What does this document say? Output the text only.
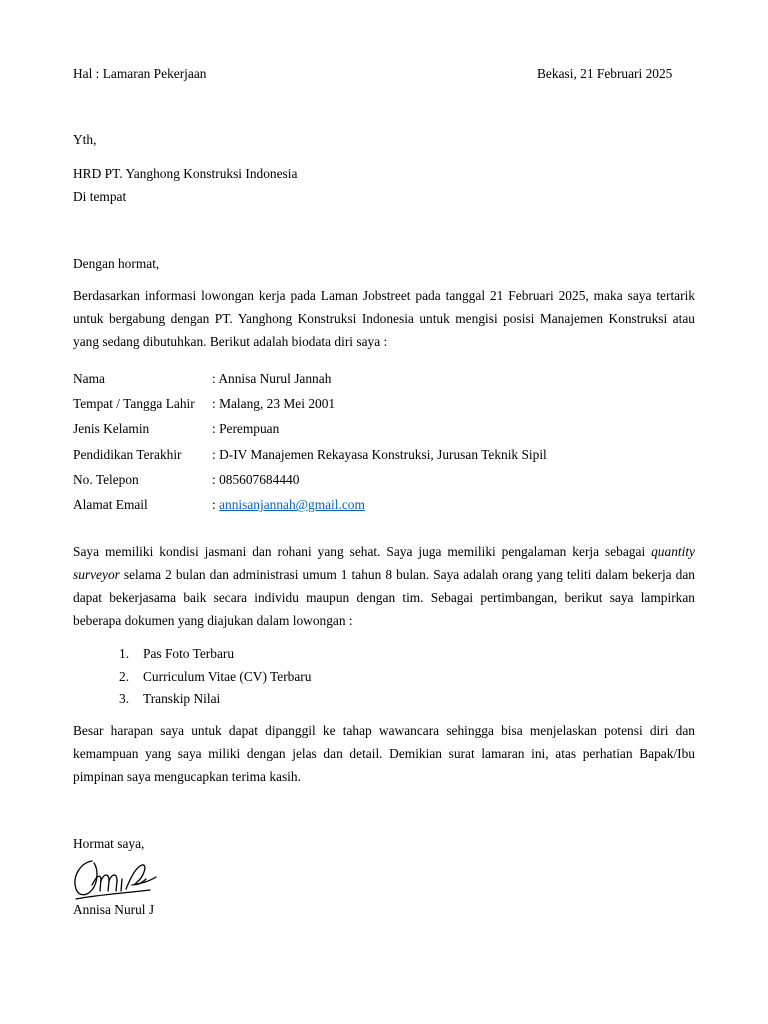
Hal : Lamaran Pekerjaan	Bekasi, 21 Februari 2025
Yth,
HRD PT. Yanghong Konstruksi Indonesia
Di tempat
Dengan hormat,
Berdasarkan informasi lowongan kerja pada Laman Jobstreet pada tanggal 21 Februari 2025, maka saya tertarik untuk bergabung dengan PT. Yanghong Konstruksi Indonesia untuk mengisi posisi Manajemen Konstruksi atau yang sedang dibutuhkan. Berikut adalah biodata diri saya :
Nama	: Annisa Nurul Jannah
Tempat / Tangga Lahir	: Malang, 23 Mei 2001
Jenis Kelamin	: Perempuan
Pendidikan Terakhir	: D-IV Manajemen Rekayasa Konstruksi, Jurusan Teknik Sipil
No. Telepon	: 085607684440
Alamat Email	: annisanjannah@gmail.com
Saya memiliki kondisi jasmani dan rohani yang sehat. Saya juga memiliki pengalaman kerja sebagai quantity surveyor selama 2 bulan dan administrasi umum 1 tahun 8 bulan. Saya adalah orang yang teliti dalam bekerja dan dapat bekerjasama baik secara individu maupun dengan tim. Sebagai pertimbangan, berikut saya lampirkan beberapa dokumen yang diajukan dalam lowongan :
1.	Pas Foto Terbaru
2.	Curriculum Vitae (CV) Terbaru
3.	Transkip Nilai
Besar harapan saya untuk dapat dipanggil ke tahap wawancara sehingga bisa menjelaskan potensi diri dan kemampuan yang saya miliki dengan jelas dan detail. Demikian surat lamaran ini, atas perhatian Bapak/Ibu pimpinan saya mengucapkan terima kasih.
Hormat saya,
Annisa Nurul J
